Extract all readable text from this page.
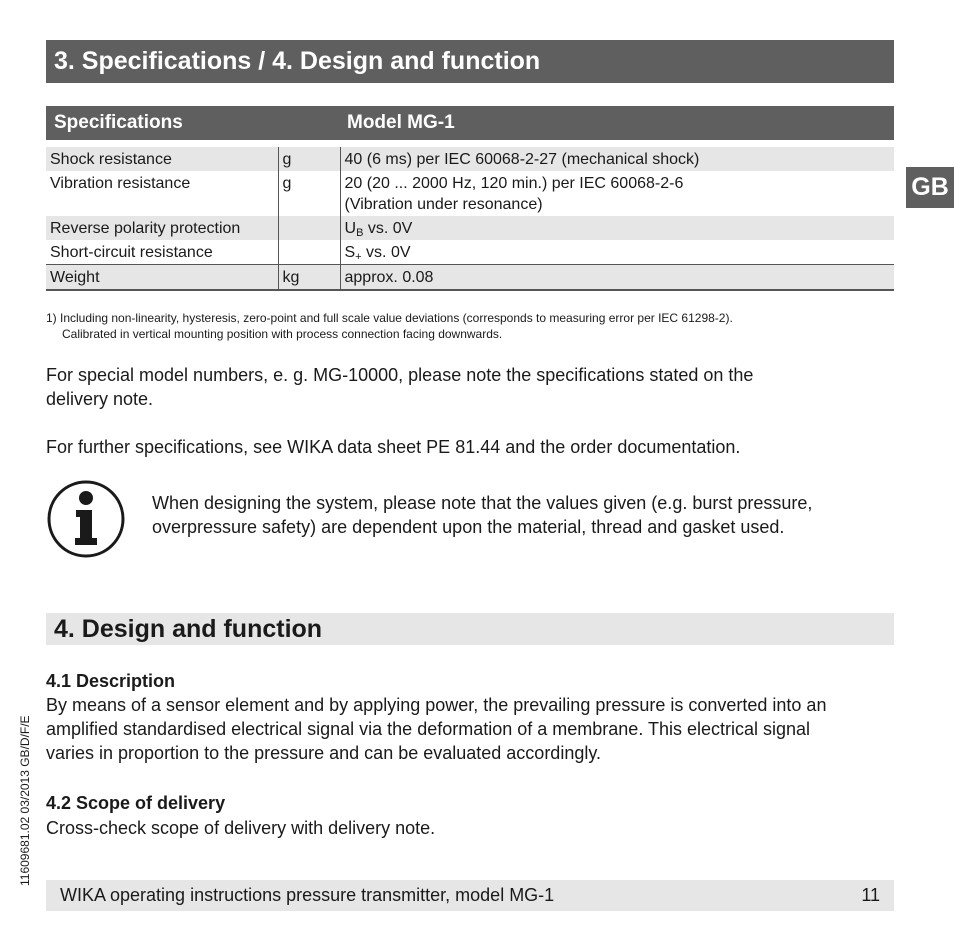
3. Specifications / 4. Design and function
GB
Specifications	Model MG-1
Shock resistance	g	40 (6 ms) per IEC 60068-2-27 (mechanical shock)
Vibration resistance	g	20 (20 ... 2000 Hz, 120 min.) per IEC 60068-2-6
(Vibration under resonance)

Reverse polarity protection		$U_B$ vs. 0V
Short-circuit resistance		$S_+$ vs. 0V
Weight	kg	approx. 0.08
1) Including non-linearity, hysteresis, zero-point and full scale value deviations (corresponds to measuring error per IEC 61298-2).
Calibrated in vertical mounting position with process connection facing downwards.
For special model numbers, e. g. MG-10000, please note the specifications stated on the
delivery note.
For further specifications, see WIKA data sheet PE 81.44 and the order documentation.
When designing the system, please note that the values given (e.g. burst pressure,
overpressure safety) are dependent upon the material, thread and gasket used.
4. Design and function
4.1 Description
By means of a sensor element and by applying power, the prevailing pressure is converted into an
amplified standardised electrical signal via the deformation of a membrane. This electrical signal
varies in proportion to the pressure and can be evaluated accordingly.
4.2 Scope of delivery
Cross-check scope of delivery with delivery note.
11609681.02 03/2013 GB/D/F/E
WIKA operating instructions pressure transmitter, model MG-1	11
